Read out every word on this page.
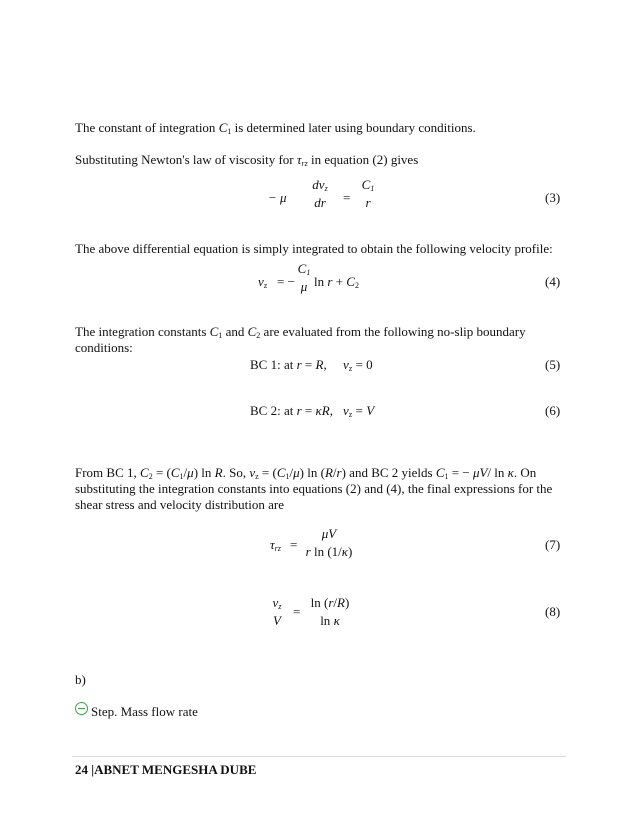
The constant of integration $C_1$ is determined later using boundary conditions.
Substituting Newton's law of viscosity for $\tau_{rz}$ in equation (2) gives
− μ
$dv_z$
dr	=
$C_1$
r	(3)
The above differential equation is simply integrated to obtain the following velocity profile:
$v_z$ = −
$C_1$
μ $\ln r + C_2$	(4)
The integration constants $C_1$ and $C_2$ are evaluated from the following no-slip boundary
conditions:
BC 1: at r = R, $v_z = 0$	(5)
BC 2: at r = κR, $v_z = V$	(6)
From BC 1, $C_2 = (C_1/\mu)$ ln R. So, $v_z = (C_1/\mu)$ ln (R/r) and BC 2 yields $C_1$ = − μV/ ln κ. On
substituting the integration constants into equations (2) and (4), the final expressions for the
shear stress and velocity distribution are
$\tau_{rz}$ =
μV
r ln (1/κ)	(7)
$v_z$
V
=
ln (r/R)
ln κ
(8)
b)
Step. Mass flow rate
24 |ABNET MENGESHA DUBE
